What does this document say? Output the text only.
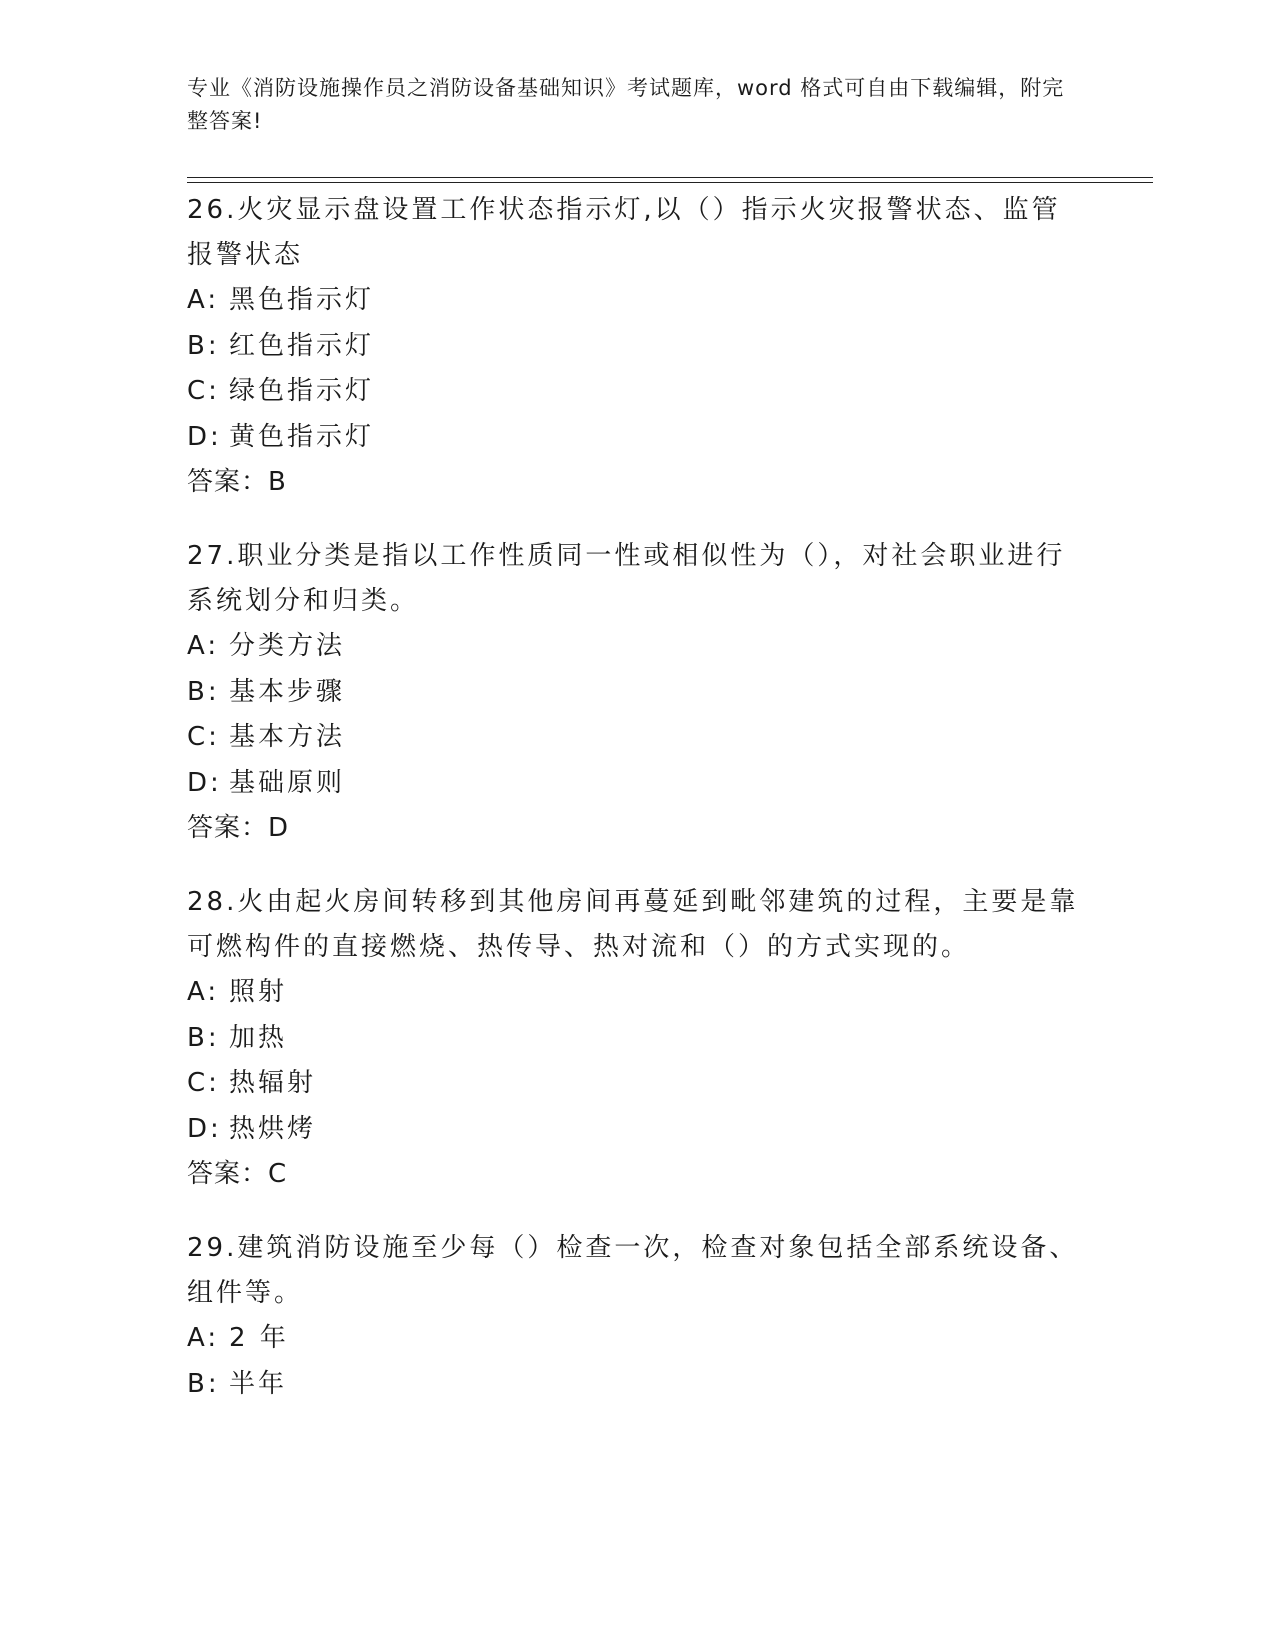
专业《消防设施操作员之消防设备基础知识》考试题库，word 格式可自由下载编辑，附完整答案!

26.火灾显示盘设置工作状态指示灯,以（）指示火灾报警状态、监管报警状态

A: 黑色指示灯

B: 红色指示灯

C: 绿色指示灯

D: 黄色指示灯

答案：B

27.职业分类是指以工作性质同一性或相似性为（），对社会职业进行系统划分和归类。

A: 分类方法

B: 基本步骤

C: 基本方法

D: 基础原则

答案：D

28.火由起火房间转移到其他房间再蔓延到毗邻建筑的过程，主要是靠可燃构件的直接燃烧、热传导、热对流和（）的方式实现的。

A: 照射

B: 加热

C: 热辐射

D: 热烘烤

答案：C

29.建筑消防设施至少每（）检查一次，检查对象包括全部系统设备、组件等。

A: 2 年

B: 半年
